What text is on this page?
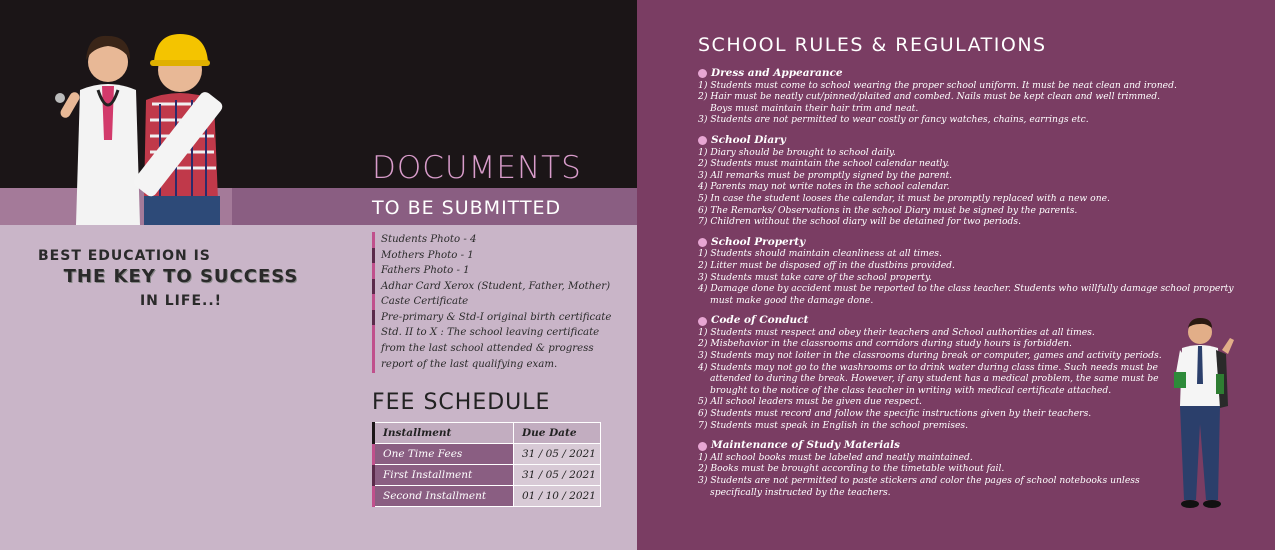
BEST EDUCATION IS
THE KEY TO SUCCESS
IN LIFE..!
DOCUMENTS
TO BE SUBMITTED
Students Photo - 4
Mothers Photo - 1
Fathers Photo - 1
Adhar Card Xerox (Student, Father, Mother)
Caste Certificate
Pre-primary & Std-I original birth certificate
Std. II to X : The school leaving certificate from the last school attended & progress report of the last qualifying exam.
FEE SCHEDULE
Installment	Due Date
One Time Fees	31 / 05 / 2021
First Installment	31 / 05 / 2021
Second Installment	01 / 10 / 2021
SCHOOL RULES & REGULATIONS
Dress and Appearance
1) Students must come to school wearing the proper school uniform. It must be neat clean and ironed.
2) Hair must be neatly cut/pinned/plaited and combed. Nails must be kept clean and well trimmed.
Boys must maintain their hair trim and neat.
3) Students are not permitted to wear costly or fancy watches, chains, earrings etc.
School Diary
1) Diary should be brought to school daily.
2) Students must maintain the school calendar neatly.
3) All remarks must be promptly signed by the parent.
4) Parents may not write notes in the school calendar.
5) In case the student looses the calendar, it must be promptly replaced with a new one.
6) The Remarks/ Observations in the school Diary must be signed by the parents.
7) Children without the school diary will be detained for two periods.
School Property
1) Students should maintain cleanliness at all times.
2) Litter must be disposed off in the dustbins provided.
3) Students must take care of the school property.
4) Damage done by accident must be reported to the class teacher. Students who willfully damage school property
must make good the damage done.
Code of Conduct
1) Students must respect and obey their teachers and School authorities at all times.
2) Misbehavior in the classrooms and corridors during study hours is forbidden.
3) Students may not loiter in the classrooms during break or computer, games and activity periods.
4) Students may not go to the washrooms or to drink water during class time. Such needs must be
attended to during the break. However, if any student has a medical problem, the same must be
brought to the notice of the class teacher in writing with medical certificate attached.
5) All school leaders must be given due respect.
6) Students must record and follow the specific instructions given by their teachers.
7) Students must speak in English in the school premises.
Maintenance of Study Materials
1) All school books must be labeled and neatly maintained.
2) Books must be brought according to the timetable without fail.
3) Students are not permitted to paste stickers and color the pages of school notebooks unless
specifically instructed by the teachers.
